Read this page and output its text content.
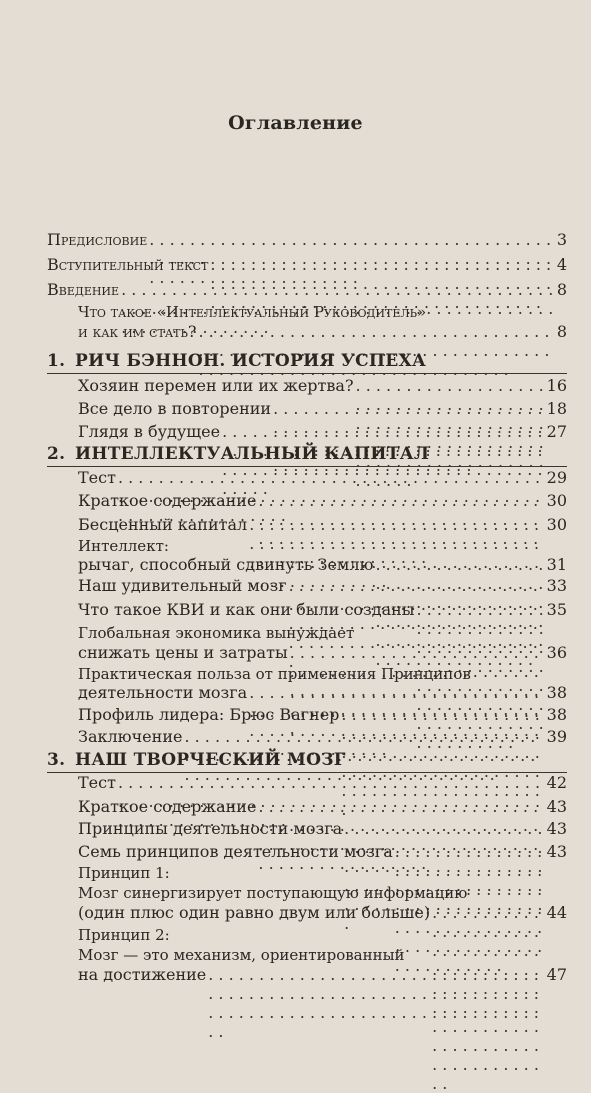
Оглавление
Предисловие . . .	3
Вступительный текст . . .	4
Введение . . .	8
Что такое «Интеллектуальный Руководитель»
и как им стать? . . .	8
1. РИЧ БЭННОН. ИСТОРИЯ УСПЕХА
Хозяин перемен или их жертва? . . .	16
Все дело в повторении . . .	18
Глядя в будущее . . .	27
2. ИНТЕЛЛЕКТУАЛЬНЫЙ КАПИТАЛ
Тест . . .	29
Краткое содержание . . .	30
Бесценный капитал . . .	30
Интеллект:
рычаг, способный сдвинуть Землю . . .	31
Наш удивительный мозг . . .	33
Что такое КВИ и как они были созданы . . .	35
Глобальная экономика вынуждает
снижать цены и затраты . . .	36
Практическая польза от применения Принципов
деятельности мозга . . .	38
Профиль лидера: Брюс Вагнер . . .	38
Заключение . . .	39
3. НАШ ТВОРЧЕСКИЙ МОЗГ
Тест . . .	42
Краткое содержание . . .	43
Принципы деятельности мозга . . .	43
Семь принципов деятельности мозга . . .	43
Принцип 1:
Мозг синергизирует поступающую информацию
(один плюс один равно двум или больше) . . .	44
Принцип 2:
Мозг — это механизм, ориентированный
на достижение . . .	47
